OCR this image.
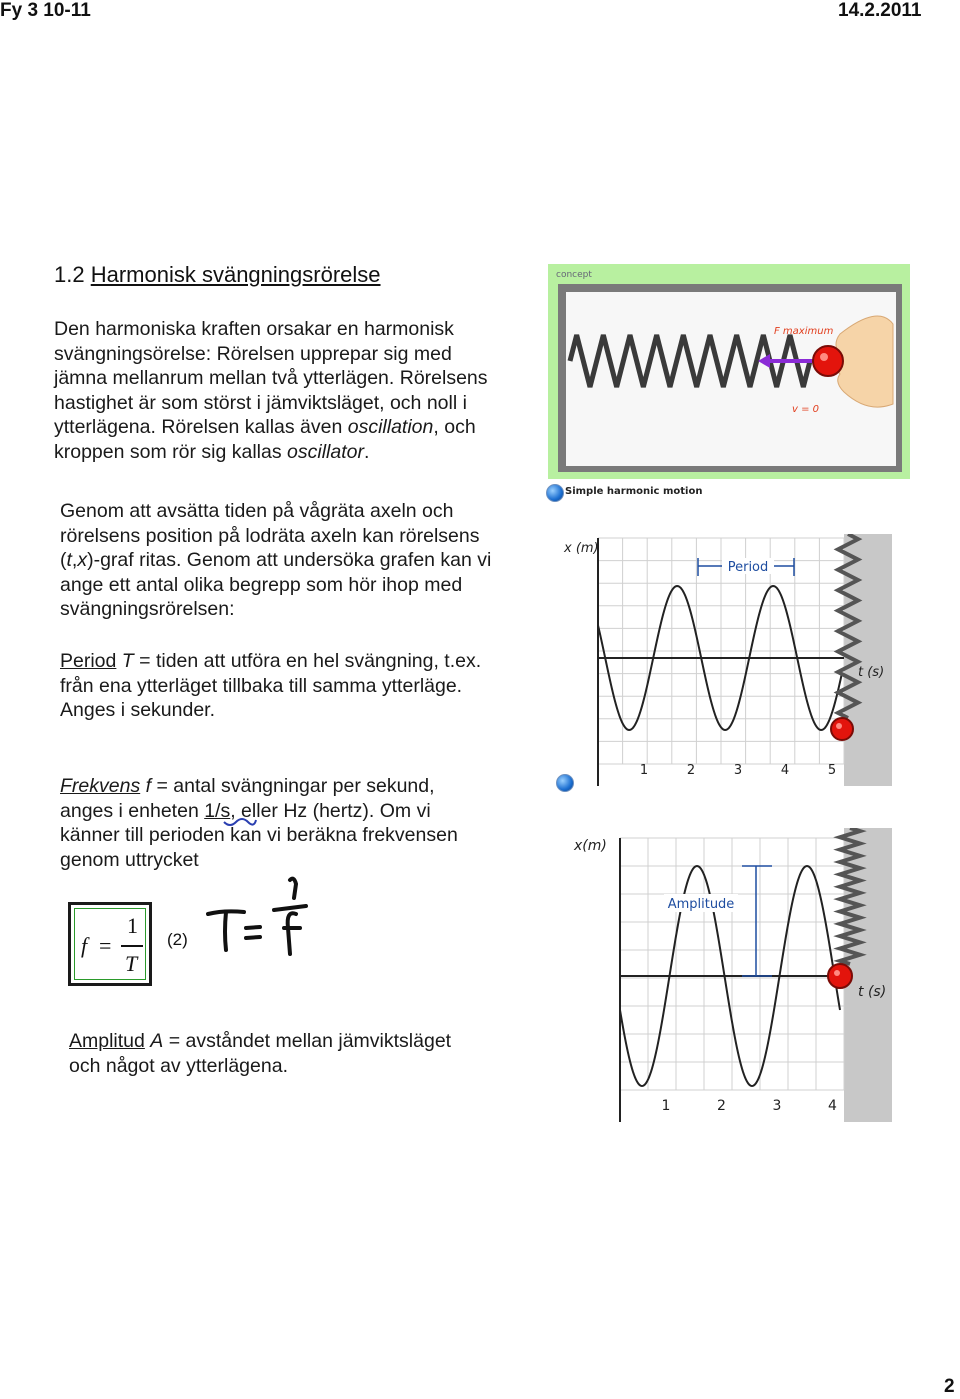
Fy 3 10-11	14.2.2011
1.2 Harmonisk svängningsrörelse
Den harmoniska kraften orsakar en harmonisk
svängningsörelse: Rörelsen upprepar sig med
jämna mellanrum mellan två ytterlägen. Rörelsens
hastighet är som störst i jämviktsläget, och noll i
ytterlägena. Rörelsen kallas även oscillation, och
kroppen som rör sig kallas oscillator.
Genom att avsätta tiden på vågräta axeln och
rörelsens position på lodräta axeln kan rörelsens
(t,x)-graf ritas. Genom att undersöka grafen kan vi
ange ett antal olika begrepp som hör ihop med
svängningsrörelsen:
Period T = tiden att utföra en hel svängning, t.ex.
från ena ytterläget tillbaka till samma ytterläge.
Anges i sekunder.
Frekvens f = antal svängningar per sekund,
anges i enheten 1/s, eller Hz (hertz). Om vi
känner till perioden kan vi beräkna frekvensen
genom uttrycket
f =
1
T
(2)
Amplitud A = avståndet mellan jämviktsläget
och något av ytterlägena.
concept
F maximum
v = 0
Simple harmonic motion
Period
x (m)
t (s)
1	2	3	4	5
Amplitude
x(m)
t (s)
1	2	3	4
2
